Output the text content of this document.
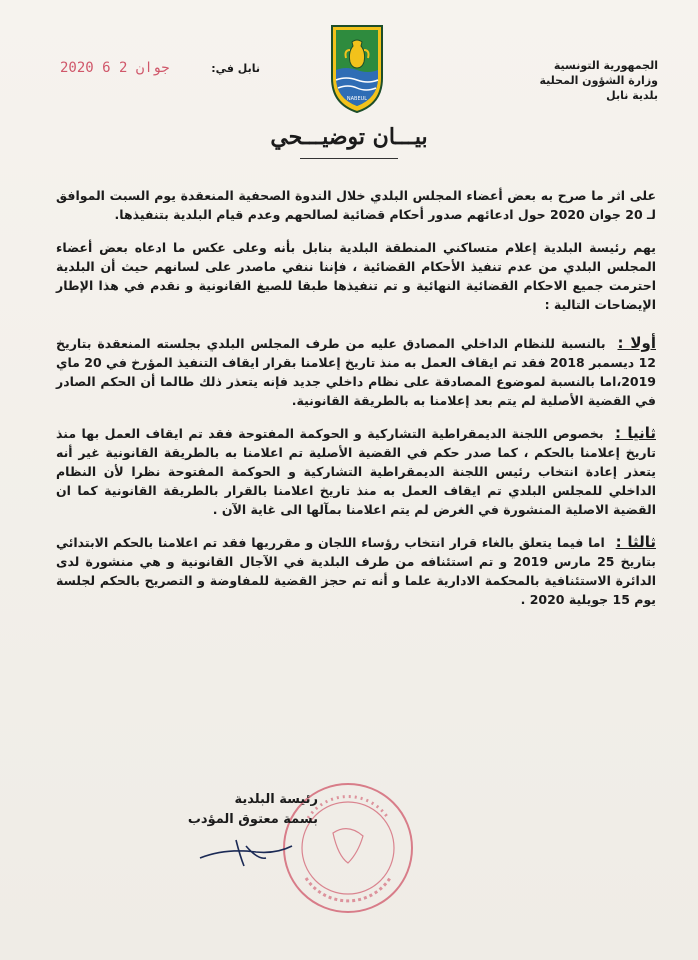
الجمهورية التونسية
وزارة الشؤون المحلية
بلدية نابل
2020 جوان 2 6	نابل في:
NABEUL
بيـــان توضيـــحي

على اثر ما صرح به بعض أعضاء المجلس البلدي خلال الندوة الصحفية المنعقدة يوم السبت الموافق لـ 20 جوان 2020 حول ادعائهم صدور أحكام قضائية لصالحهم وعدم قيام البلدية بتنفيذها.

يهم رئيسة البلدية إعلام متساكني المنطقة البلدية بنابل بأنه وعلى عكس ما ادعاه بعض أعضاء المجلس البلدي من عدم تنفيذ الأحكام القضائية ، فإننا ننفي ماصدر على لسانهم حيث أن البلدية احترمت جميع الاحكام القضائية النهائية و تم تنفيذها طبقا للصيغ القانونية و نقدم في هذا الإطار الإيضاحات التالية :

أولا : بالنسبة للنظام الداخلي المصادق عليه من طرف المجلس البلدي بجلسته المنعقدة بتاريخ 12 ديسمبر 2018 فقد تم ايقاف العمل به منذ تاريخ إعلامنا بقرار ايقاف التنفيذ المؤرخ في 20 ماي 2019،اما بالنسبة لموضوع المصادقة على نظام داخلي جديد فإنه يتعذر ذلك طالما أن الحكم الصادر في القضية الأصلية لم يتم بعد إعلامنا به بالطريقة القانونية.

ثانيا : بخصوص اللجنة الديمقراطية التشاركية و الحوكمة المفتوحة فقد تم ايقاف العمل بها منذ تاريخ إعلامنا بالحكم ، كما صدر حكم في القضية الأصلية تم اعلامنا به بالطريقة القانونية غير أنه يتعذر إعادة انتخاب رئيس اللجنة الديمقراطية التشاركية و الحوكمة المفتوحة نظرا لأن النظام الداخلي للمجلس البلدي تم ايقاف العمل به منذ تاريخ اعلامنا بالقرار بالطريقة القانونية كما ان القضية الاصلية المنشورة في الغرض لم يتم اعلامنا بمآلها الى غاية الآن .

ثالثا : اما فيما يتعلق بالغاء قرار انتخاب رؤساء اللجان و مقرريها فقد تم اعلامنا بالحكم الابتدائي بتاريخ 25 مارس 2019 و تم استئنافه من طرف البلدية في الآجال القانونية و هي منشورة لدى الدائرة الاستئنافية بالمحكمة الادارية علما و أنه تم حجز القضية للمفاوضة و التصريح بالحكم لجلسة يوم 15 جويلية 2020 .

رئيسة البلدية
بسمة معتوق المؤدب
